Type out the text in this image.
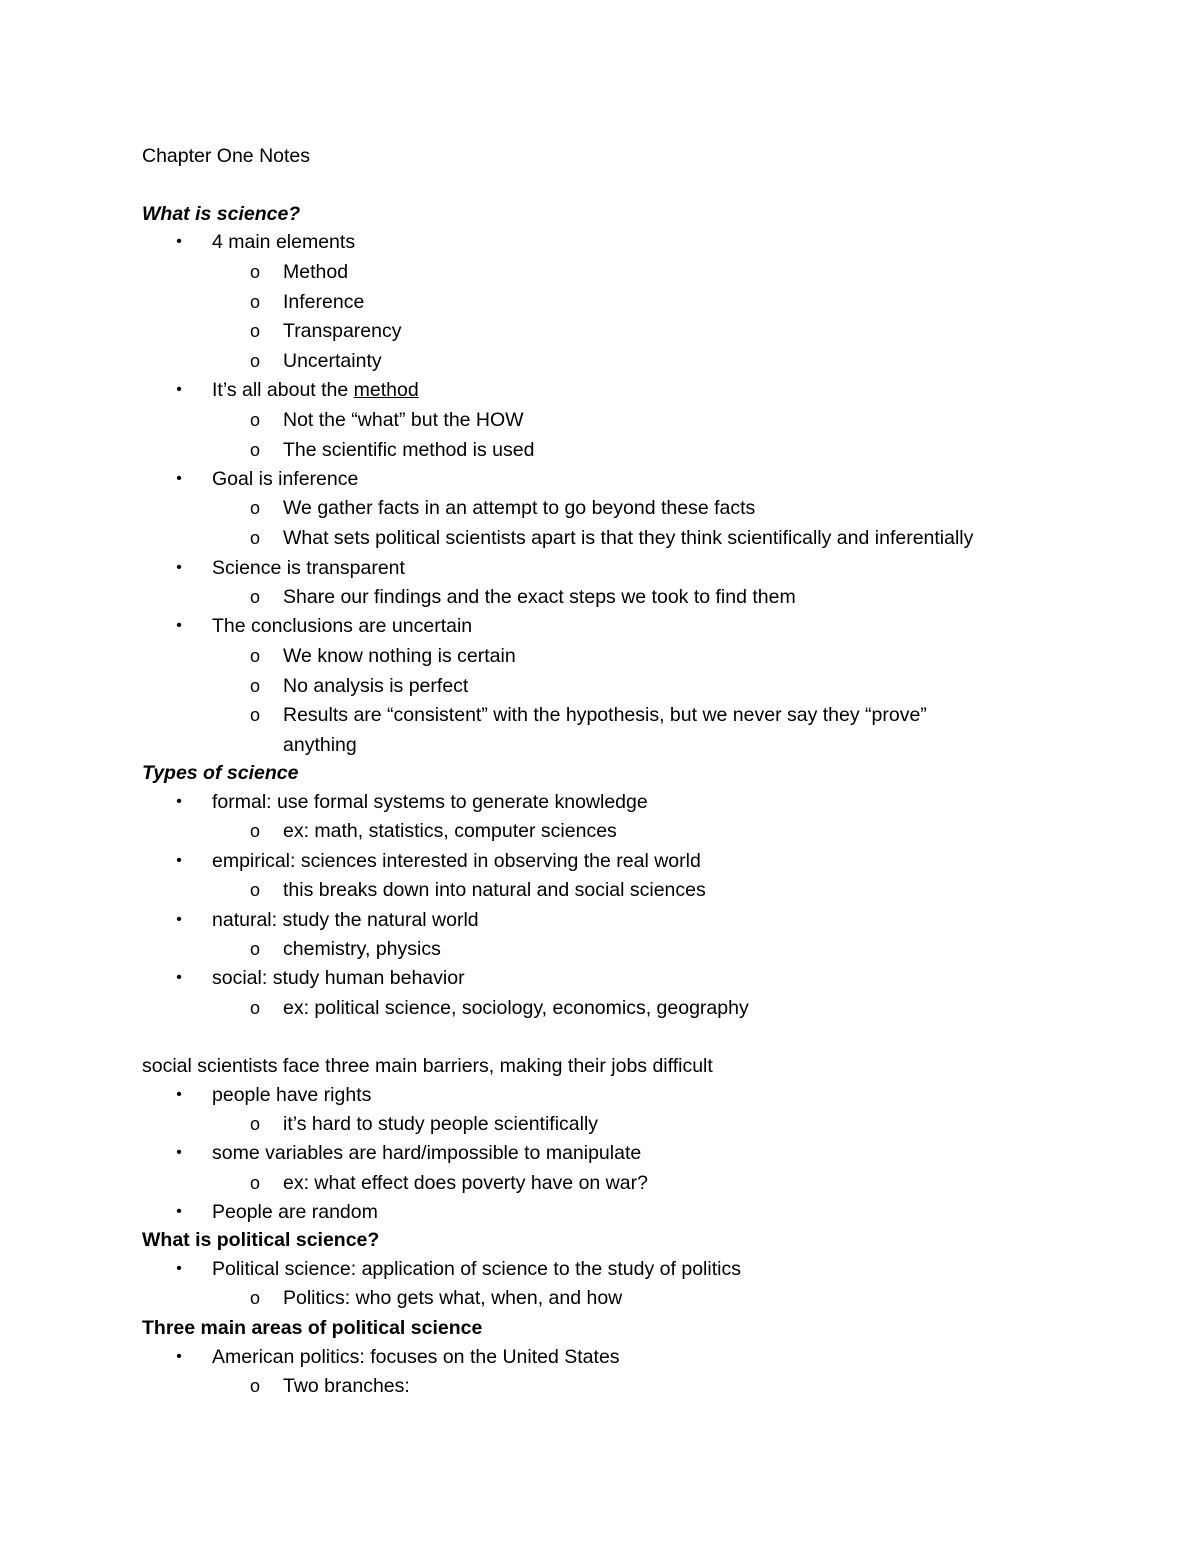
Chapter One Notes
What is science?
• 4 main elements
o Method
o Inference
o Transparency
o Uncertainty
• It’s all about the method
o Not the “what” but the HOW
o The scientific method is used
• Goal is inference
o We gather facts in an attempt to go beyond these facts
o What sets political scientists apart is that they think scientifically and inferentially
• Science is transparent
o Share our findings and the exact steps we took to find them
• The conclusions are uncertain
o We know nothing is certain
o No analysis is perfect
o Results are “consistent” with the hypothesis, but we never say they “prove”
anything
Types of science
• formal: use formal systems to generate knowledge
o ex: math, statistics, computer sciences
• empirical: sciences interested in observing the real world
o this breaks down into natural and social sciences
• natural: study the natural world
o chemistry, physics
• social: study human behavior
o ex: political science, sociology, economics, geography
social scientists face three main barriers, making their jobs difficult
• people have rights
o it’s hard to study people scientifically
• some variables are hard/impossible to manipulate
o ex: what effect does poverty have on war?
• People are random
What is political science?
• Political science: application of science to the study of politics
o Politics: who gets what, when, and how
Three main areas of political science
• American politics: focuses on the United States
o Two branches:
